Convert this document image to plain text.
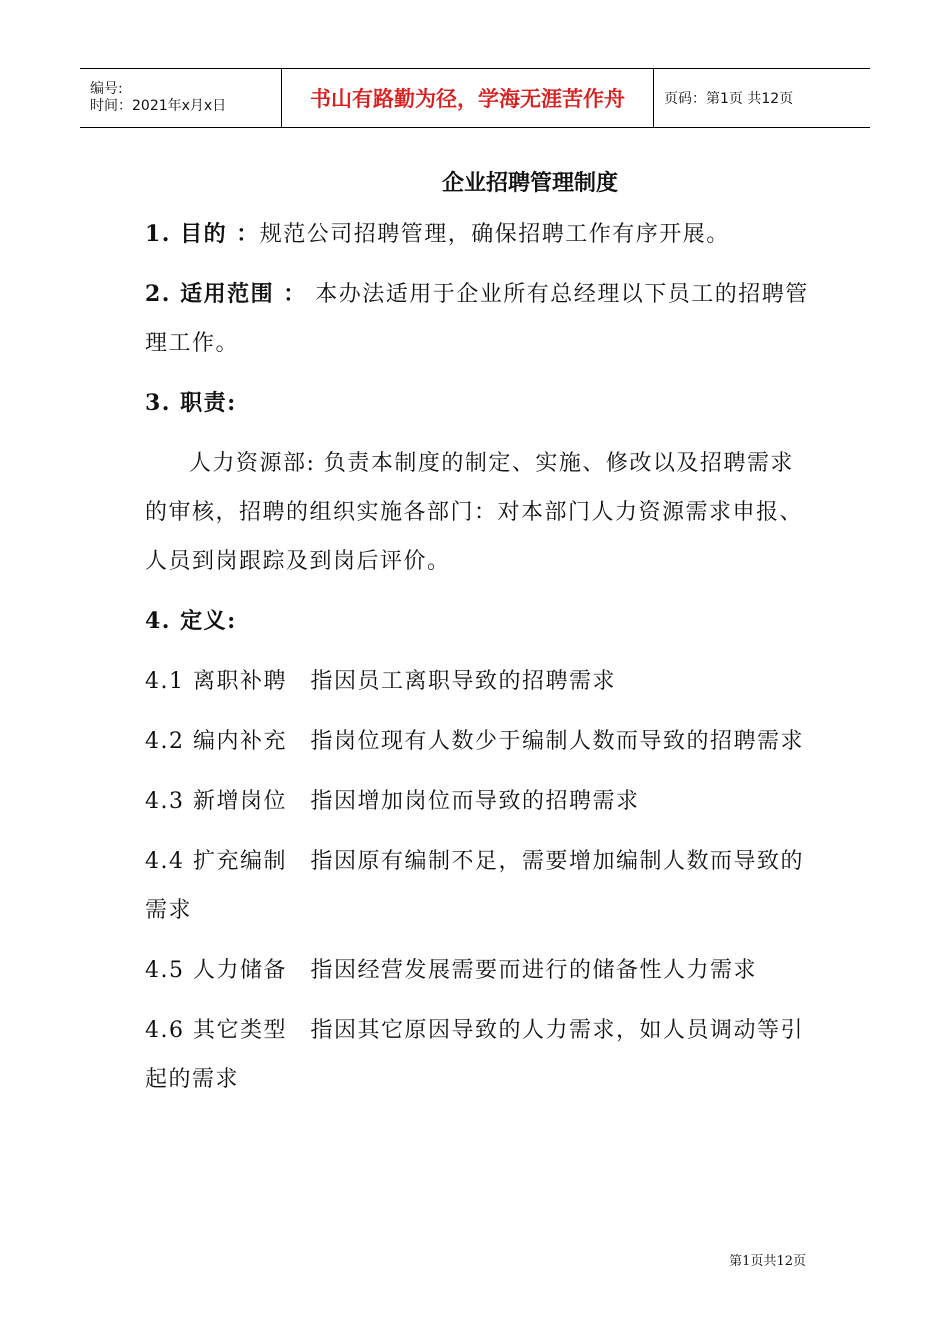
编号:
时间：2021年x月x日	书山有路勤为径，学海无涯苦作舟	页码：第1页 共12页
企业招聘管理制度

1. 目的 ：规范公司招聘管理，确保招聘工作有序开展。

2. 适用范围 ： 本办法适用于企业所有总经理以下员工的招聘管理工作。

3. 职责:

人力资源部: 负责本制度的制定、实施、修改以及招聘需求的审核，招聘的组织实施各部门：对本部门人力资源需求申报、人员到岗跟踪及到岗后评价。

4. 定义:

4.1 离职补聘　指因员工离职导致的招聘需求

4.2 编内补充　指岗位现有人数少于编制人数而导致的招聘需求

4.3 新增岗位　指因增加岗位而导致的招聘需求

4.4 扩充编制　指因原有编制不足，需要增加编制人数而导致的需求

4.5 人力储备　指因经营发展需要而进行的储备性人力需求

4.6 其它类型　指因其它原因导致的人力需求，如人员调动等引起的需求

第1页共12页
